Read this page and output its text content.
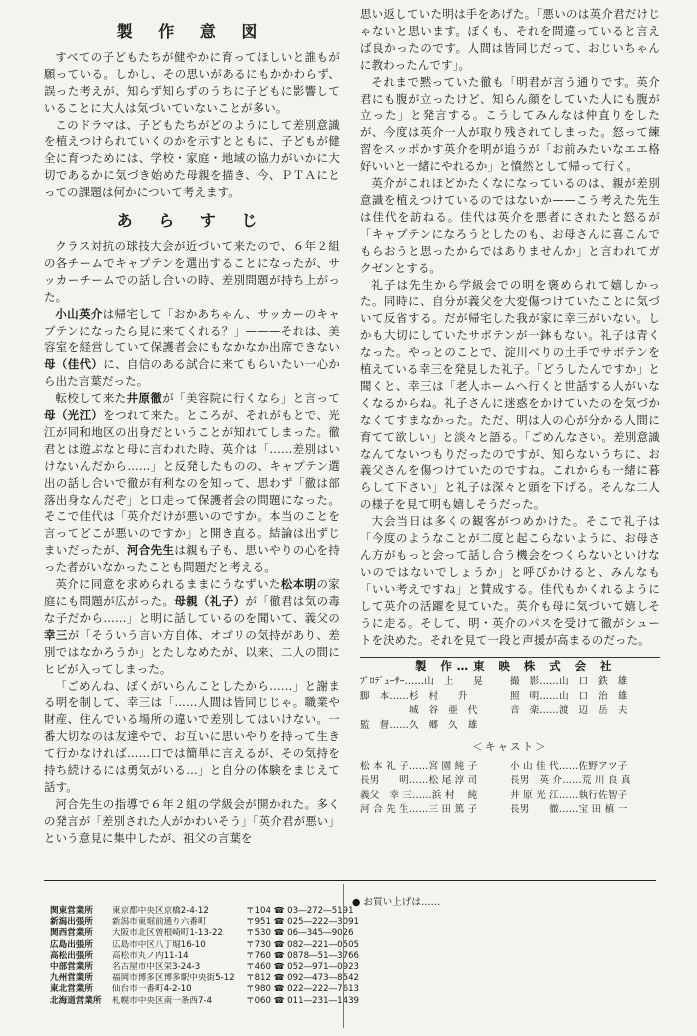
製 作 意 図

すべての子どもたちが健やかに育ってほしいと誰もが願っている。しかし、その思いがあるにもかかわらず、誤った考えが、知らず知らずのうちに子どもに影響していることに大人は気づいていないことが多い。

このドラマは、子どもたちがどのようにして差別意識を植えつけられていくのかを示すとともに、子どもが健全に育つためには、学校・家庭・地域の協力がいかに大切であるかに気づき始めた母親を描き、今、ＰＴＡにとっての課題は何かについて考えます。

あ ら す じ

クラス対抗の球技大会が近づいて来たので、６年２組の各チームでキャプテンを選出することになったが、サッカーチームでの話し合いの時、差別問題が持ち上がった。

小山英介は帰宅して「おかあちゃん、サッカーのキャプテンになったら見に来てくれる？」———それは、美容室を経営していて保護者会にもなかなか出席できない母（佳代）に、自信のある試合に来てもらいたい一心から出た言葉だった。

転校して来た井原徹が「美容院に行くなら」と言って母（光江）をつれて来た。ところが、それがもとで、光江が同和地区の出身だということが知れてしまった。徹君とは遊ぶなと母に言われた時、英介は「……差別はいけないんだから……」と反発したものの、キャプテン選出の話し合いで徹が有利なのを知って、思わず「徹は部落出身なんだぞ」と口走って保護者会の問題になった。そこで佳代は「英介だけが悪いのですか。本当のことを言ってどこが悪いのですか」と開き直る。結論は出ずじまいだったが、河合先生は親も子も、思いやりの心を持った者がいなかったことも問題だと考える。

英介に同意を求められるままにうなずいた松本明の家庭にも問題が広がった。母親（礼子）が「徹君は気の毒な子だから……」と明に話しているのを聞いて、義父の幸三が「そういう言い方自体、オゴリの気持があり、差別ではなかろうか」とたしなめたが、以来、二人の間にヒビが入ってしまった。

「ごめんね、ぼくがいらんことしたから……」と謝まる明を制して、幸三は「……人間は皆同じじゃ。職業や財産、住んでいる場所の違いで差別してはいけない。一番大切なのは友達やで、お互いに思いやりを持って生きて行かなければ……口では簡単に言えるが、その気持を持ち続けるには勇気がいる…」と自分の体験をまじえて話す。

河合先生の指導で６年２組の学級会が開かれた。多くの発言が「差別された人がかわいそう」「英介君が悪い」という意見に集中したが、祖父の言葉を

思い返していた明は手をあげた。「悪いのは英介君だけじゃないと思います。ぼくも、それを問違っていると言えば良かったのです。人間は皆同じだって、おじいちゃんに教わったんです」。

それまで黙っていた徹も「明君が言う通りです。英介君にも腹が立ったけど、知らん顔をしていた人にも腹が立った」と発言する。こうしてみんなは仲直りをしたが、今度は英介一人が取り残されてしまった。怒って練習をスッポかす英介を明が追うが「お前みたいなエエ格好いいと一緒にやれるか」と憤然として帰って行く。

英介がこれほどかたくなになっているのは、親が差別意識を植えつけているのではないか——こう考えた先生は佳代を訪ねる。佳代は英介を悪者にされたと怒るが「キャプテンになろうとしたのも、お母さんに喜こんでもらおうと思ったからではありませんか」と言われてガクゼンとする。

礼子は先生から学級会での明を褒められて嬉しかった。同時に、自分が義父を大変傷つけていたことに気づいて反省する。だが帰宅した我が家に幸三がいない。しかも大切にしていたサボテンが一鉢もない。礼子は青くなった。やっとのことで、淀川べりの土手でサボテンを植えている幸三を発見した礼子。「どうしたんですか」と聞くと、幸三は「老人ホームへ行くと世話する人がいなくなるからね。礼子さんに迷惑をかけていたのを気づかなくてすまなかった。ただ、明は人の心が分かる人間に育てて欲しい」と淡々と語る。「ごめんなさい。差別意識なんてないつもりだったのですが、知らないうちに、お義父さんを傷つけていたのですね。これからも一緒に暮らして下さい」と礼子は深々と頭を下げる。そんな二人の様子を見て明も嬉しそうだった。

大会当日は多くの観客がつめかけた。そこで礼子は「今度のようなことが二度と起こらないように、お母さん方がもっと会って話し合う機会をつくらないといけないのではないでしょうか」と呼びかけると、みんなも「いい考えですね」と賛成する。佳代もかくれるようにして英介の活躍を見ていた。英介も母に気づいて嬉しそうに走る。そして、明・英介のパスを受けて徹がシュートを決めた。それを見て一段と声援が高まるのだった。

製 作…東 映 株 式 会 社

ﾌﾟﾛﾃﾞｭｰｻｰ……山　上　　晃	撮　影……山　口　鉄　雄
脚　本……杉　村　　升	照　明……山　口　治　雄
　　　　　城　谷　亜　代	音　楽……渡　辺　岳　夫
監　督……久　郷　久　雄
＜キャスト＞
松 本 礼 子……宮 園 純 子	小 山 佳 代……佐野アツ子
長男　　明……松 尾 淳 司	長男　英 介……荒 川 良 真
義父　幸 三……浜 村　 純	井 原 光 江……執行佐智子
河 合 先 生……三 田 篤 子	長男　　徹……宝 田 槙 一
関東営業所	東京都中央区京橋2-4-12	〒104 ☎ 03―272―5191
新潟出張所	新潟市東堀前通り六番町	〒951 ☎ 025―222―3091
関西営業所	大阪市北区曽根崎町1-13-22	〒530 ☎ 06―345―9026
広島出張所	広島市中区八丁堀16-10	〒730 ☎ 082―221―0505
高松出張所	高松市丸ノ内11-14	〒760 ☎ 0878―51―3766
中部営業所	名古屋市中区栄3-24-3	〒460 ☎ 052―971―0923
九州営業所	福岡市博多区博多駅中央街5-12	〒812 ☎ 092―473―8542
東北営業所	仙台市一番町4-2-10	〒980 ☎ 022―222―7613
北海道営業所	札幌市中央区南一条西7-4	〒060 ☎ 011―231―1439
● お買い上げは……
